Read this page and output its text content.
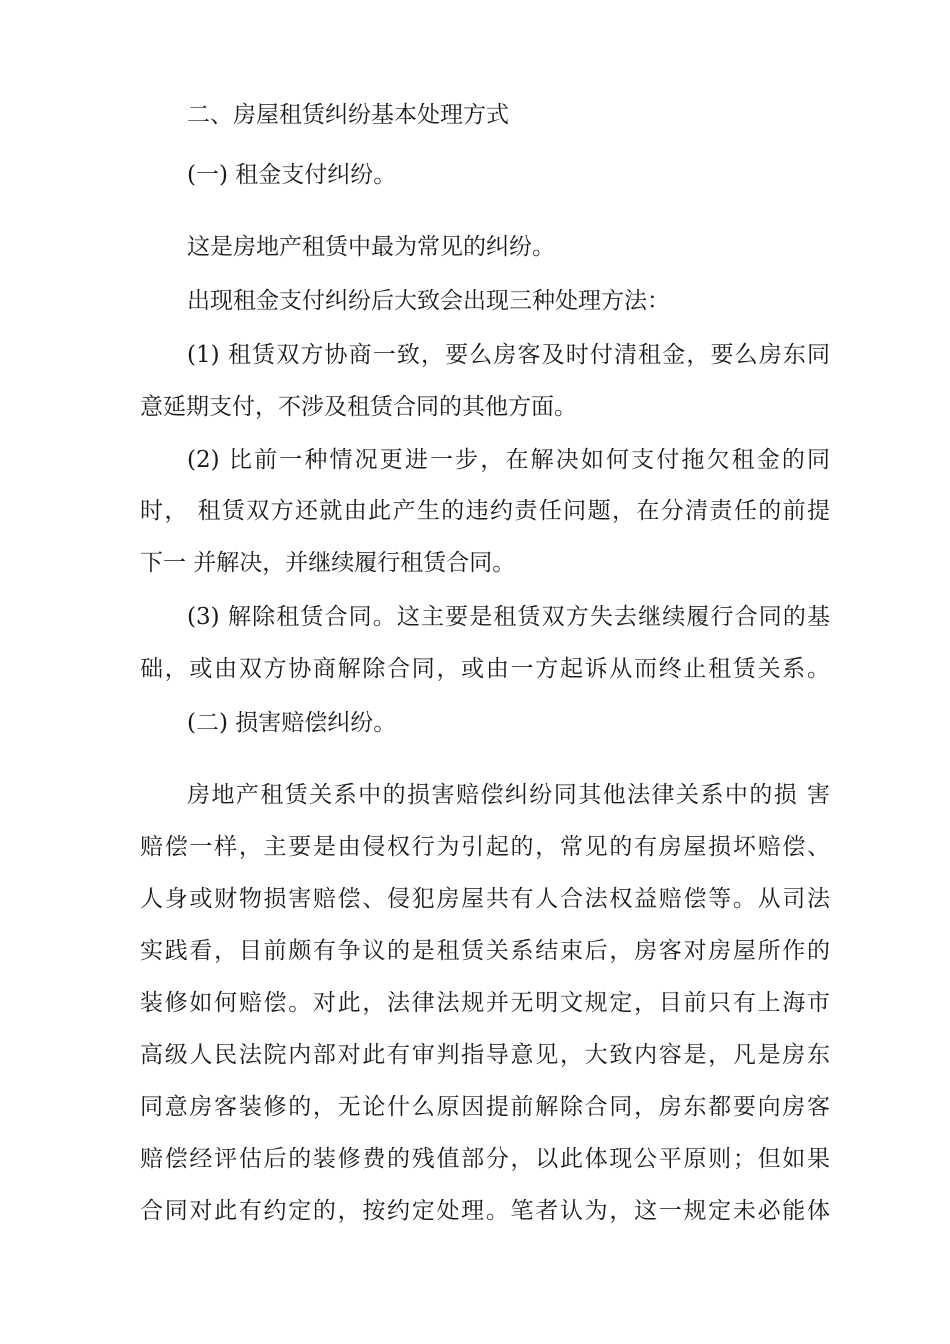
二、房屋租赁纠纷基本处理方式
(一) 租金支付纠纷。
这是房地产租赁中最为常见的纠纷。
出现租金支付纠纷后大致会出现三种处理方法：
(1) 租赁双方协商一致，要么房客及时付清租金，要么房东同
意延期支付，不涉及租赁合同的其他方面。
(2) 比前一种情况更进一步，在解决如何支付拖欠租金的同
时， 租赁双方还就由此产生的违约责任问题，在分清责任的前提
下一 并解决，并继续履行租赁合同。
(3) 解除租赁合同。这主要是租赁双方失去继续履行合同的基
础，或由双方协商解除合同，或由一方起诉从而终止租赁关系。
(二) 损害赔偿纠纷。
房地产租赁关系中的损害赔偿纠纷同其他法律关系中的损 害
赔偿一样，主要是由侵权行为引起的，常见的有房屋损坏赔偿、
人身或财物损害赔偿、侵犯房屋共有人合法权益赔偿等。从司法
实践看，目前颇有争议的是租赁关系结束后，房客对房屋所作的
装修如何赔偿。对此，法律法规并无明文规定，目前只有上海市
高级人民法院内部对此有审判指导意见，大致内容是，凡是房东
同意房客装修的，无论什么原因提前解除合同，房东都要向房客
赔偿经评估后的装修费的残值部分，以此体现公平原则；但如果
合同对此有约定的，按约定处理。笔者认为，这一规定未必能体
